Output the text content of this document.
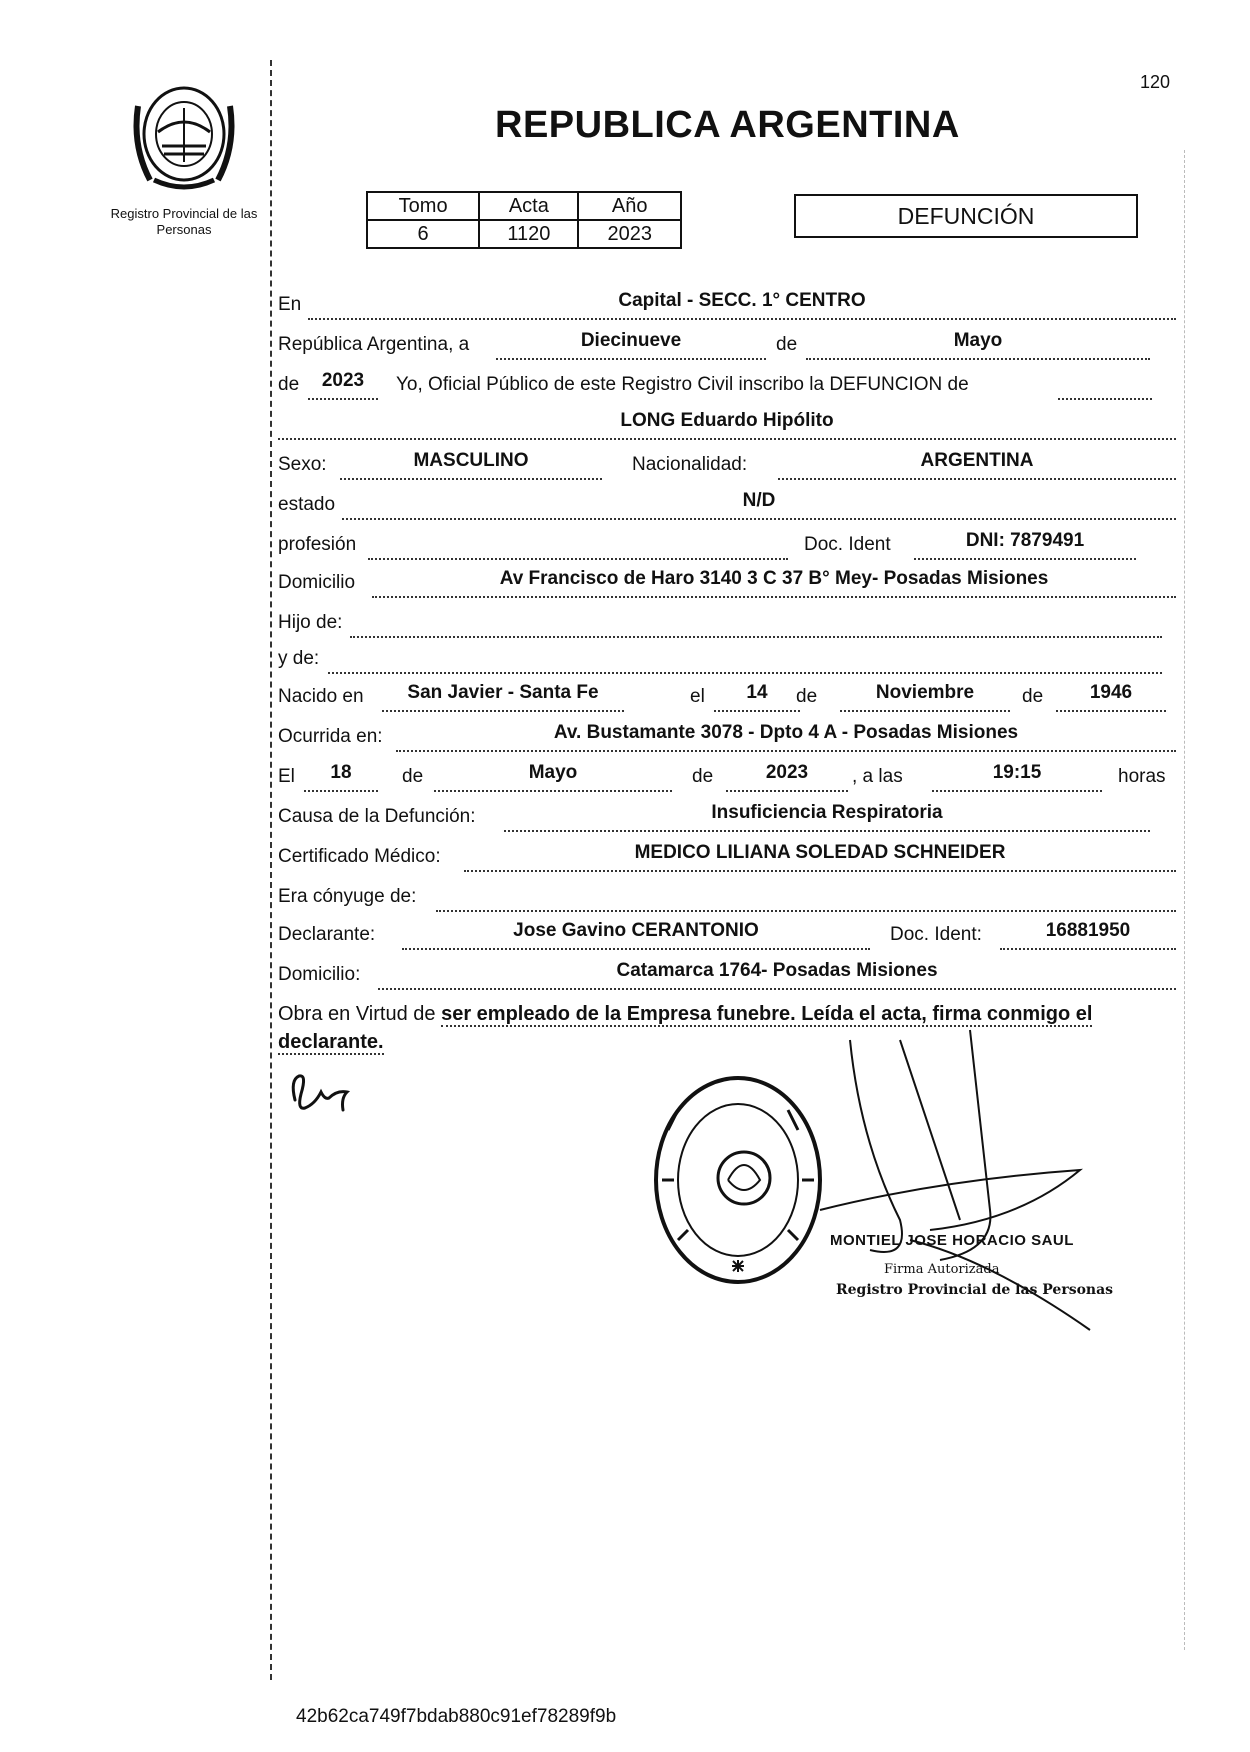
Registro Provincial de las Personas
120
REPUBLICA ARGENTINA
Tomo	Acta	Año
6	1120	2023
DEFUNCIÓN
En	Capital - SECC. 1° CENTRO
República Argentina, a	Diecinueve	de	Mayo
de	2023	Yo, Oficial Público de este Registro Civil inscribo la DEFUNCION de
LONG Eduardo Hipólito
Sexo:	MASCULINO	Nacionalidad:	ARGENTINA
estado	N/D
profesión	Doc. Ident	DNI: 7879491
Domicilio	Av Francisco de Haro 3140 3 C 37 B° Mey- Posadas Misiones
Hijo de:
y de:
Nacido en	San Javier - Santa Fe	el	14	de	Noviembre	de	1946
Ocurrida en:	Av. Bustamante 3078 - Dpto 4 A - Posadas Misiones
El	18	de	Mayo	de	2023	, a las	19:15	horas
Causa de la Defunción:	Insuficiencia Respiratoria
Certificado Médico:	MEDICO LILIANA SOLEDAD SCHNEIDER
Era cónyuge de:
Declarante:	Jose Gavino CERANTONIO	Doc. Ident:	16881950
Domicilio:	Catamarca 1764- Posadas Misiones
Obra en Virtud de ser empleado de la Empresa funebre. Leída el acta, firma conmigo el declarante.
MONTIEL JOSE HORACIO SAUL
Firma Autorizada
Registro Provincial de las Personas
42b62ca749f7bdab880c91ef78289f9b
